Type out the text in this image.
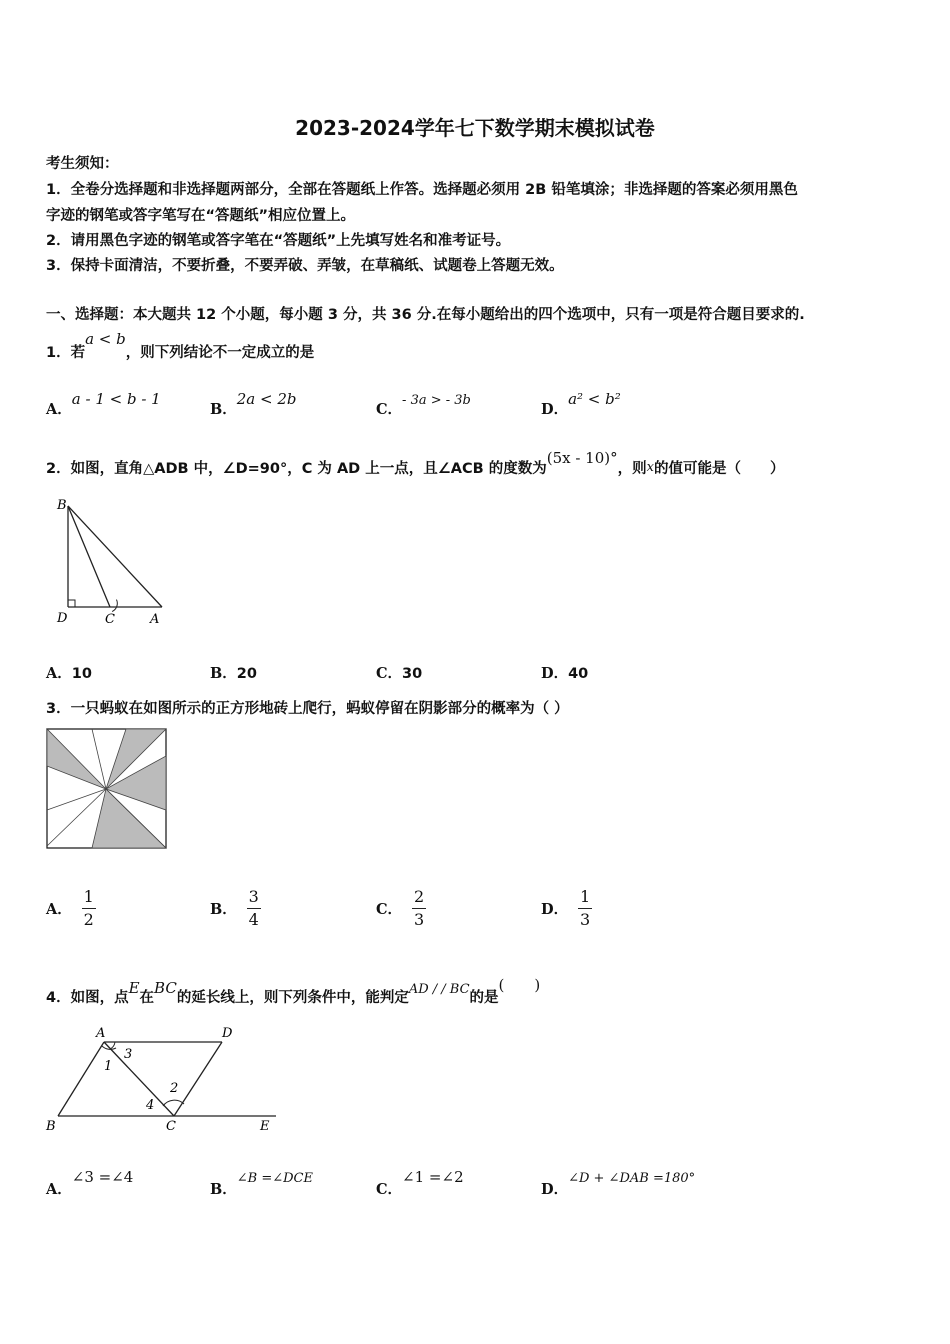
2023-2024学年七下数学期末模拟试卷
考生须知：
1．全卷分选择题和非选择题两部分，全部在答题纸上作答。选择题必须用 2B 铅笔填涂；非选择题的答案必须用黑色
字迹的钢笔或答字笔写在“答题纸”相应位置上。
2．请用黑色字迹的钢笔或答字笔在“答题纸”上先填写姓名和准考证号。
3．保持卡面清洁，不要折叠，不要弄破、弄皱，在草稿纸、试题卷上答题无效。
一、选择题：本大题共 12 个小题，每小题 3 分，共 36 分.在每小题给出的四个选项中，只有一项是符合题目要求的.
1．若a < b，则下列结论不一定成立的是
A．a - 1 < b - 1
B．2a < 2b
C．$^{- 3a > - 3b}$
D．a² < b²
2．如图，直角△ADB 中，∠D=90°，C 为 AD 上一点，且∠ACB 的度数为(5x - 10)°，则x的值可能是（　　）
B
D	C	A
A．10	B．20	C．30	D．40
3．一只蚂蚁在如图所示的正方形地砖上爬行，蚂蚁停留在阴影部分的概率为（ ）
A． $\frac{1}{2}$	B． $\frac{3}{4}$	C． $\frac{2}{3}$	D． $\frac{1}{3}$
4．如图，点E在BC的延长线上，则下列条件中，能判定AD / / BC的是(　　)
A	D
B	C	E
1
3
2
4
A．∠3 =∠4
B．$^{\angle B =\angle DCE}$
C．∠1 =∠2
D．$^{\angle D + \angle DAB =180^\circ}$
